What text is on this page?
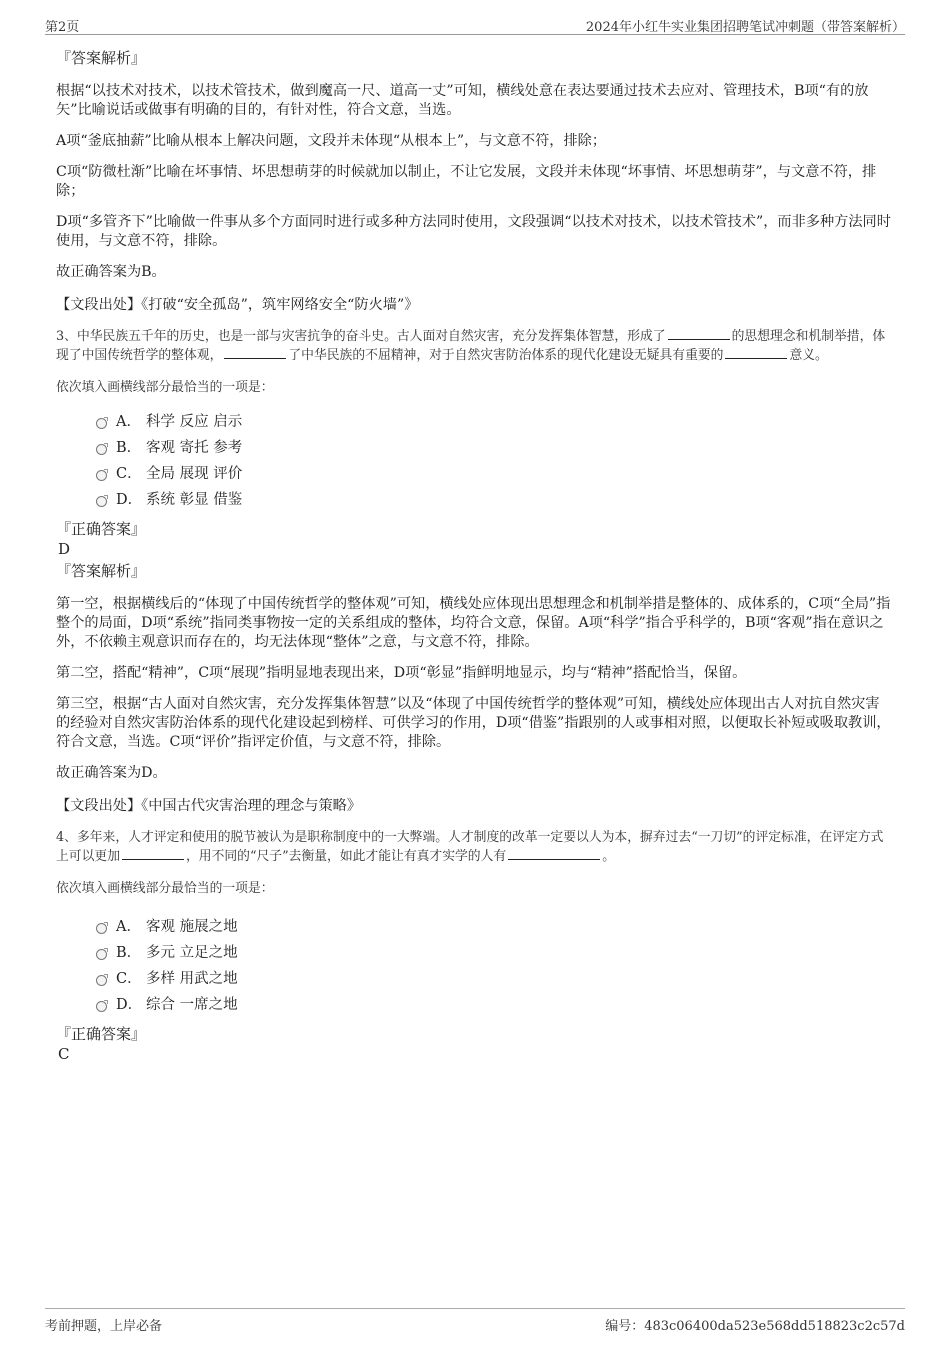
第2页	2024年小红牛实业集团招聘笔试冲刺题（带答案解析）

『答案解析』

根据“以技术对技术，以技术管技术，做到魔高一尺、道高一丈”可知，横线处意在表达要通过技术去应对、管理技术，B项“有的放矢”比喻说话或做事有明确的目的，有针对性，符合文意，当选。

A项“釜底抽薪”比喻从根本上解决问题，文段并未体现“从根本上”，与文意不符，排除；

C项“防微杜渐”比喻在坏事情、坏思想萌芽的时候就加以制止，不让它发展，文段并未体现“坏事情、坏思想萌芽”，与文意不符，排除；

D项“多管齐下”比喻做一件事从多个方面同时进行或多种方法同时使用，文段强调“以技术对技术，以技术管技术”，而非多种方法同时使用，与文意不符，排除。

故正确答案为B。

【文段出处】《打破“安全孤岛”，筑牢网络安全“防火墙”》

3、中华民族五千年的历史，也是一部与灾害抗争的奋斗史。古人面对自然灾害，充分发挥集体智慧，形成了	的思想理念和机制举措，体现了中国传统哲学的整体观，	了中华民族的不屈精神，对于自然灾害防治体系的现代化建设无疑具有重要的	意义。

依次填入画横线部分最恰当的一项是：

A． 科学 反应 启示
B． 客观 寄托 参考
C． 全局 展现 评价
D． 系统 彰显 借鉴

『正确答案』

D

『答案解析』

第一空，根据横线后的“体现了中国传统哲学的整体观”可知，横线处应体现出思想理念和机制举措是整体的、成体系的，C项“全局”指整个的局面，D项“系统”指同类事物按一定的关系组成的整体，均符合文意，保留。A项“科学”指合乎科学的，B项“客观”指在意识之外，不依赖主观意识而存在的，均无法体现“整体”之意，与文意不符，排除。

第二空，搭配“精神”，C项“展现”指明显地表现出来，D项“彰显”指鲜明地显示，均与“精神”搭配恰当，保留。

第三空，根据“古人面对自然灾害，充分发挥集体智慧”以及“体现了中国传统哲学的整体观”可知，横线处应体现出古人对抗自然灾害的经验对自然灾害防治体系的现代化建设起到榜样、可供学习的作用，D项“借鉴”指跟别的人或事相对照，以便取长补短或吸取教训，符合文意，当选。C项“评价”指评定价值，与文意不符，排除。

故正确答案为D。

【文段出处】《中国古代灾害治理的理念与策略》

4、多年来，人才评定和使用的脱节被认为是职称制度中的一大弊端。人才制度的改革一定要以人为本，摒弃过去“一刀切”的评定标准，在评定方式上可以更加	，用不同的“尺子”去衡量，如此才能让有真才实学的人有	。

依次填入画横线部分最恰当的一项是：

A． 客观 施展之地
B． 多元 立足之地
C． 多样 用武之地
D． 综合 一席之地

『正确答案』

C

考前押题，上岸必备	编号：483c06400da523e568dd518823c2c57d
